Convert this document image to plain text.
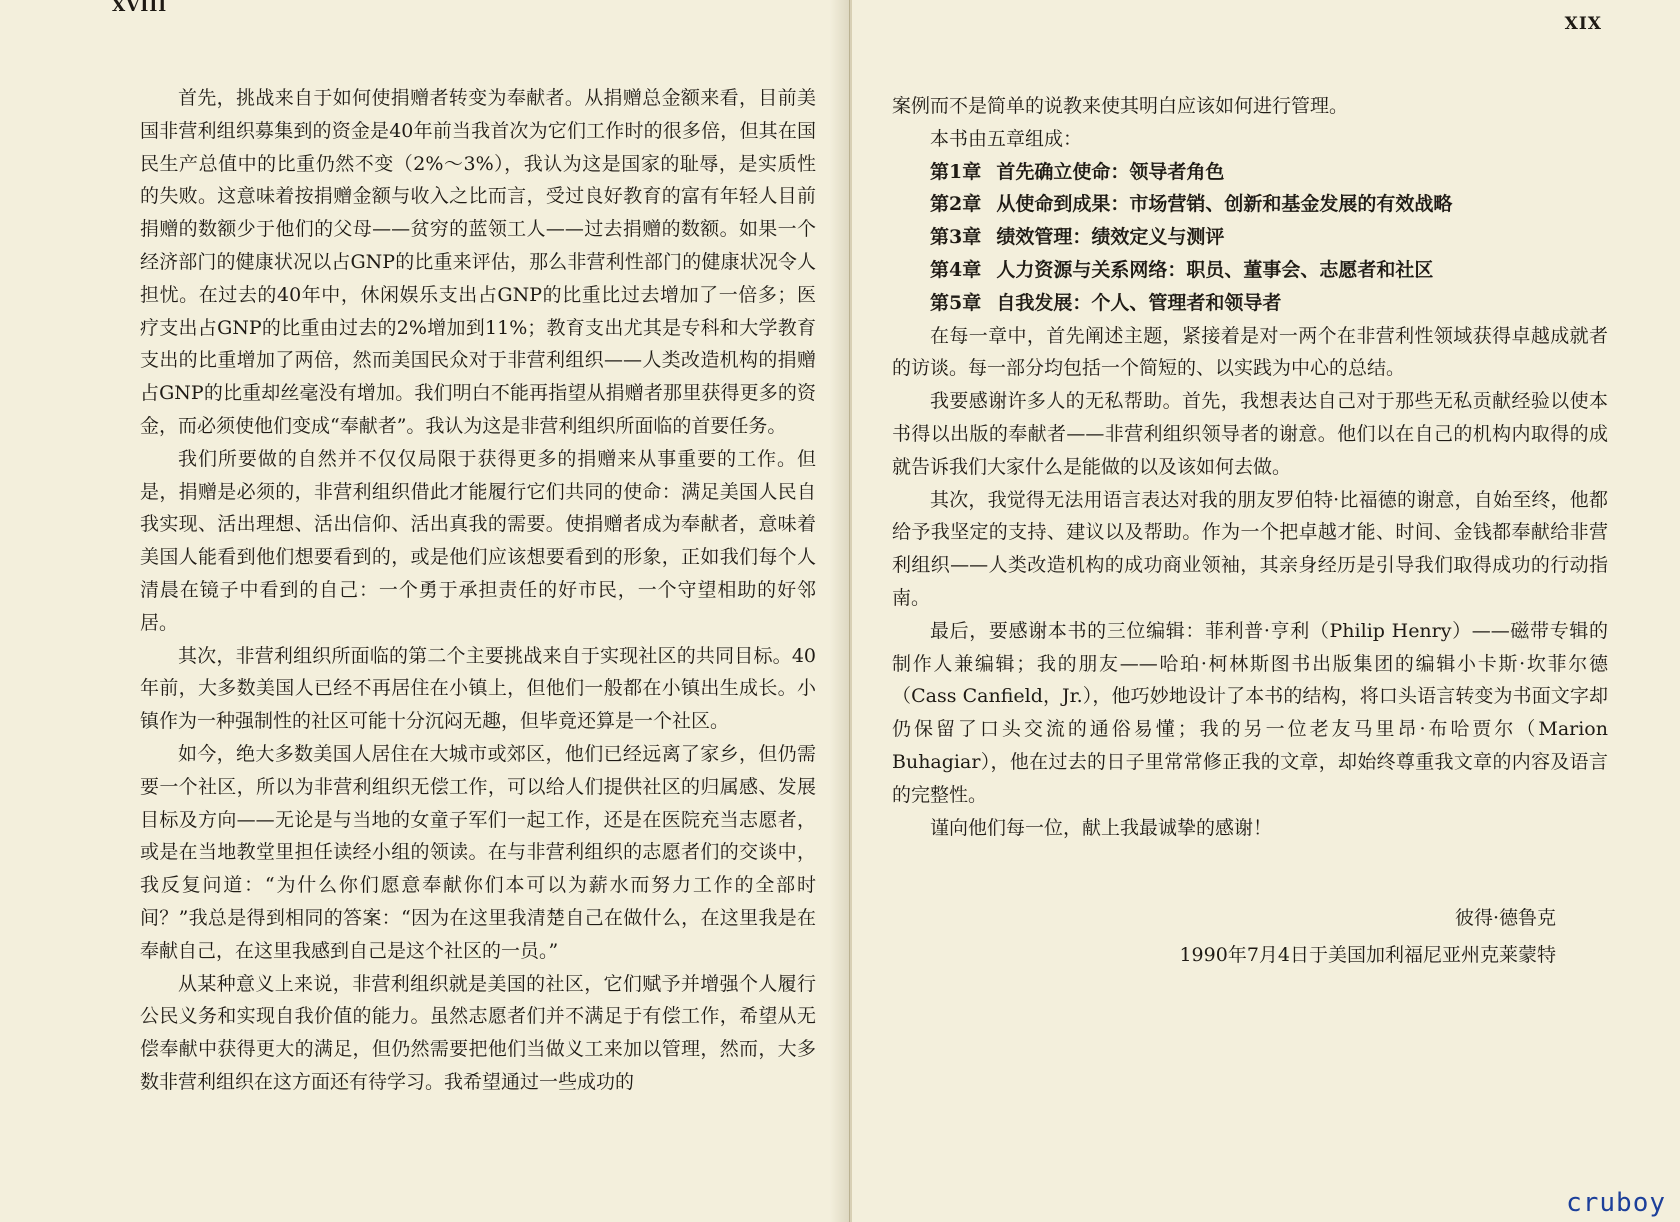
XVIII

首先，挑战来自于如何使捐赠者转变为奉献者。从捐赠总金额来看，目前美国非营利组织募集到的资金是40年前当我首次为它们工作时的很多倍，但其在国民生产总值中的比重仍然不变（2%～3%），我认为这是国家的耻辱，是实质性的失败。这意味着按捐赠金额与收入之比而言，受过良好教育的富有年轻人目前捐赠的数额少于他们的父母——贫穷的蓝领工人——过去捐赠的数额。如果一个经济部门的健康状况以占GNP的比重来评估，那么非营利性部门的健康状况令人担忧。在过去的40年中，休闲娱乐支出占GNP的比重比过去增加了一倍多；医疗支出占GNP的比重由过去的2%增加到11%；教育支出尤其是专科和大学教育支出的比重增加了两倍，然而美国民众对于非营利组织——人类改造机构的捐赠占GNP的比重却丝毫没有增加。我们明白不能再指望从捐赠者那里获得更多的资金，而必须使他们变成“奉献者”。我认为这是非营利组织所面临的首要任务。

我们所要做的自然并不仅仅局限于获得更多的捐赠来从事重要的工作。但是，捐赠是必须的，非营利组织借此才能履行它们共同的使命：满足美国人民自我实现、活出理想、活出信仰、活出真我的需要。使捐赠者成为奉献者，意味着美国人能看到他们想要看到的，或是他们应该想要看到的形象，正如我们每个人清晨在镜子中看到的自己：一个勇于承担责任的好市民，一个守望相助的好邻居。

其次，非营利组织所面临的第二个主要挑战来自于实现社区的共同目标。40年前，大多数美国人已经不再居住在小镇上，但他们一般都在小镇出生成长。小镇作为一种强制性的社区可能十分沉闷无趣，但毕竟还算是一个社区。

如今，绝大多数美国人居住在大城市或郊区，他们已经远离了家乡，但仍需要一个社区，所以为非营利组织无偿工作，可以给人们提供社区的归属感、发展目标及方向——无论是与当地的女童子军们一起工作，还是在医院充当志愿者，或是在当地教堂里担任读经小组的领读。在与非营利组织的志愿者们的交谈中，我反复问道：“为什么你们愿意奉献你们本可以为薪水而努力工作的全部时间？”我总是得到相同的答案：“因为在这里我清楚自己在做什么，在这里我是在奉献自己，在这里我感到自己是这个社区的一员。”

从某种意义上来说，非营利组织就是美国的社区，它们赋予并增强个人履行公民义务和实现自我价值的能力。虽然志愿者们并不满足于有偿工作，希望从无偿奉献中获得更大的满足，但仍然需要把他们当做义工来加以管理，然而，大多数非营利组织在这方面还有待学习。我希望通过一些成功的

XIX

案例而不是简单的说教来使其明白应该如何进行管理。

本书由五章组成：

第1章 首先确立使命：领导者角色
第2章 从使命到成果：市场营销、创新和基金发展的有效战略
第3章 绩效管理：绩效定义与测评
第4章 人力资源与关系网络：职员、董事会、志愿者和社区
第5章 自我发展：个人、管理者和领导者

在每一章中，首先阐述主题，紧接着是对一两个在非营利性领域获得卓越成就者的访谈。每一部分均包括一个简短的、以实践为中心的总结。

我要感谢许多人的无私帮助。首先，我想表达自己对于那些无私贡献经验以使本书得以出版的奉献者——非营利组织领导者的谢意。他们以在自己的机构内取得的成就告诉我们大家什么是能做的以及该如何去做。

其次，我觉得无法用语言表达对我的朋友罗伯特·比福德的谢意，自始至终，他都给予我坚定的支持、建议以及帮助。作为一个把卓越才能、时间、金钱都奉献给非营利组织——人类改造机构的成功商业领袖，其亲身经历是引导我们取得成功的行动指南。

最后，要感谢本书的三位编辑：菲利普·亨利（Philip Henry）——磁带专辑的制作人兼编辑；我的朋友——哈珀·柯林斯图书出版集团的编辑小卡斯·坎菲尔德（Cass Canfield，Jr.），他巧妙地设计了本书的结构，将口头语言转变为书面文字却仍保留了口头交流的通俗易懂；我的另一位老友马里昂·布哈贾尔（Marion Buhagiar），他在过去的日子里常常修正我的文章，却始终尊重我文章的内容及语言的完整性。

谨向他们每一位，献上我最诚挚的感谢！

彼得·德鲁克

1990年7月4日于美国加利福尼亚州克莱蒙特

cruboy
